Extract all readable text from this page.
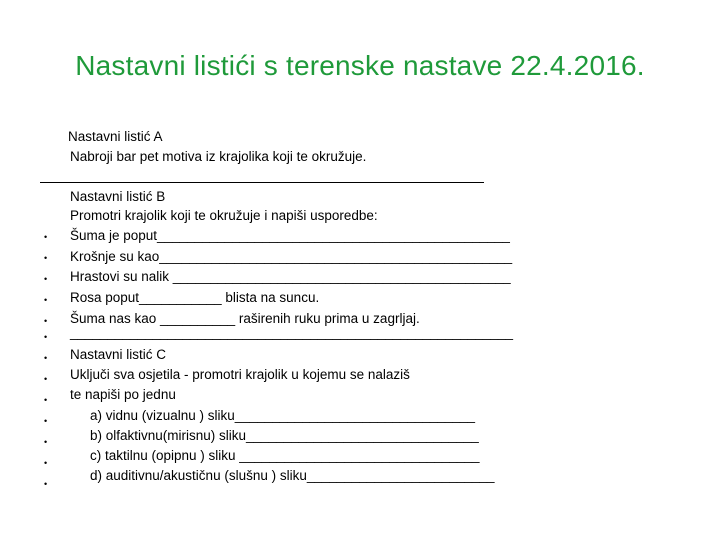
Nastavni listići s terenske nastave 22.4.2016.

Nastavni listić A

Nabroji bar pet motiva iz krajolika koji te okružuje.

Nastavni listić B

Promotri krajolik koji te okružuje i napiši usporedbe:

• Šuma je poput_______________________________________________

• Krošnje su kao_______________________________________________

• Hrastovi su nalik _____________________________________________

• Rosa poput___________ blista na suncu.

• Šuma nas kao __________ raširenih ruku prima u zagrljaj.

• ___________________________________________________________

• Nastavni listić C

• Uključi sva osjetila - promotri krajolik u kojemu se nalaziš

• te napiši po jednu

•	a) vidnu (vizualnu ) sliku________________________________

•	b) olfaktivnu(mirisnu) sliku_______________________________

•	c) taktilnu (opipnu ) sliku ________________________________

•

d) auditivnu/akustičnu (slušnu ) sliku_________________________
